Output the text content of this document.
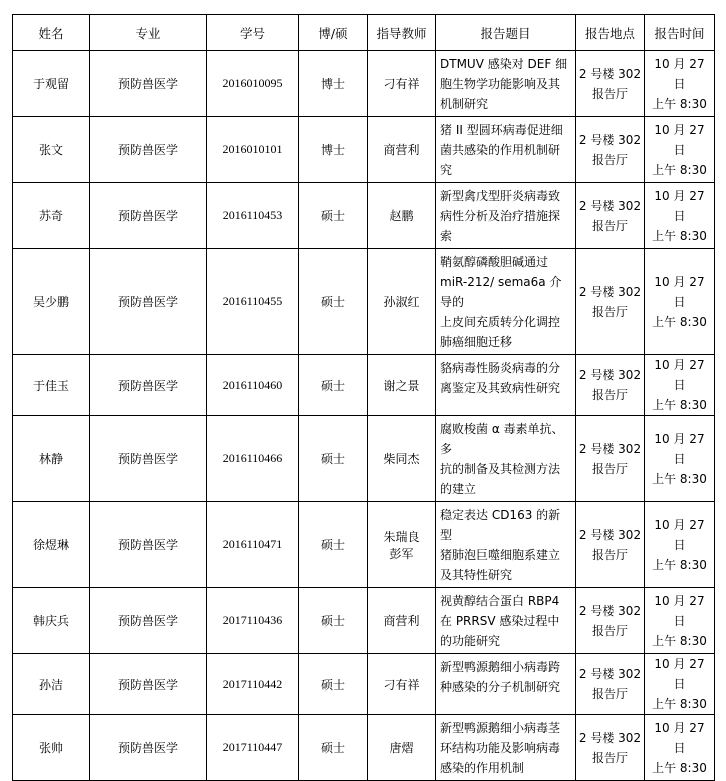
姓名	专业	学号	博/硕	指导教师	报告题目	报告地点	报告时间
于观留	预防兽医学	2016010095	博士	刁有祥	DTMUV 感染对 DEF 细
胞生物学功能影响及其
机制研究	2 号楼 302
报告厅	10 月 27 日
上午 8:30

张文	预防兽医学	2016010101	博士	商营利	猪 II 型圆环病毒促进细
菌共感染的作用机制研究	2 号楼 302
报告厅	10 月 27 日
上午 8:30

苏奇	预防兽医学	2016110453	硕士	赵鹏	新型禽戊型肝炎病毒致
病性分析及治疗措施探
索	2 号楼 302
报告厅	10 月 27 日
上午 8:30

吴少鹏	预防兽医学	2016110455	硕士	孙淑红	鞘氨醇磷酸胆碱通过
miR-212/ sema6a 介导的
上皮间充质转分化调控
肺癌细胞迁移	2 号楼 302
报告厅	10 月 27 日
上午 8:30

于佳玉	预防兽医学	2016110460	硕士	谢之景	貉病毒性肠炎病毒的分
离鉴定及其致病性研究	2 号楼 302
报告厅	10 月 27 日
上午 8:30

林静	预防兽医学	2016110466	硕士	柴同杰	腐败梭菌 α 毒素单抗、多
抗的制备及其检测方法
的建立	2 号楼 302
报告厅	10 月 27 日
上午 8:30

徐煜琳	预防兽医学	2016110471	硕士	朱瑞良
彭军	稳定表达 CD163 的新型
猪肺泡巨噬细胞系建立
及其特性研究	2 号楼 302
报告厅	10 月 27 日
上午 8:30

韩庆兵	预防兽医学	2017110436	硕士	商营利	视黄醇结合蛋白 RBP4
在 PRRSV 感染过程中
的功能研究	2 号楼 302
报告厅	10 月 27 日
上午 8:30

孙洁	预防兽医学	2017110442	硕士	刁有祥	新型鸭源鹅细小病毒跨
种感染的分子机制研究	2 号楼 302
报告厅	10 月 27 日
上午 8:30

张帅	预防兽医学	2017110447	硕士	唐熠	新型鸭源鹅细小病毒茎
环结构功能及影响病毒
感染的作用机制	2 号楼 302
报告厅	10 月 27 日
上午 8:30
